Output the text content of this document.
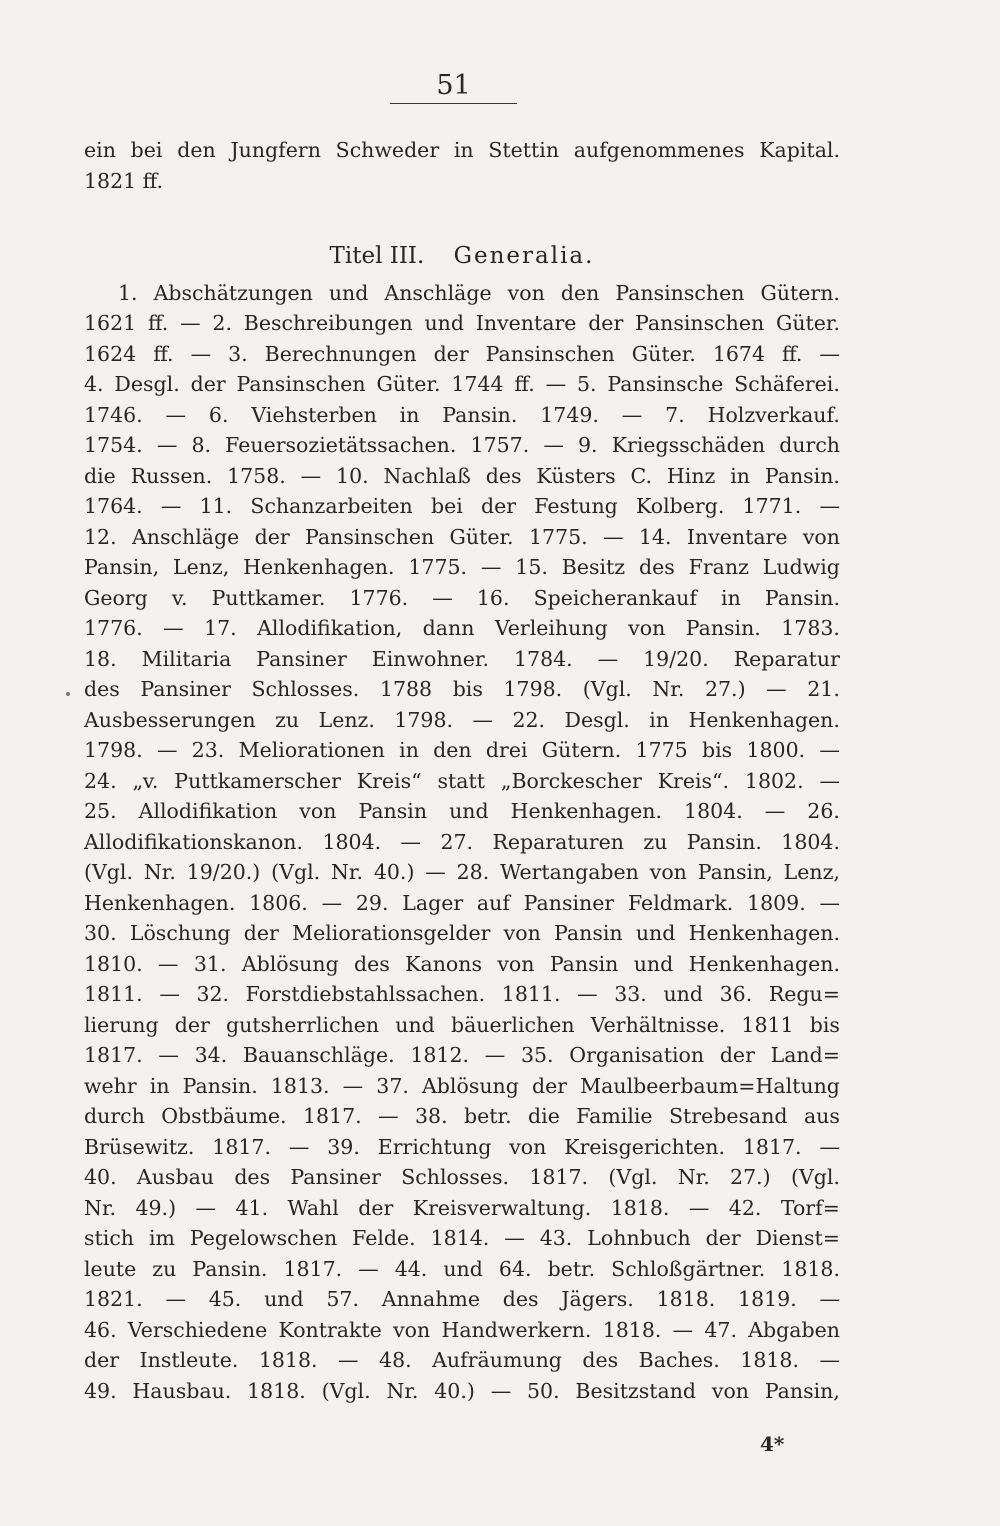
51
ein bei den Jungfern Schweder in Stettin aufgenommenes Kapital.
1821 ff.
Titel III. Generalia.
1. Abschätzungen und Anschläge von den Pansinschen Gütern.
1621 ff. — 2. Beschreibungen und Inventare der Pansinschen Güter.
1624 ff. — 3. Berechnungen der Pansinschen Güter. 1674 ff. —
4. Desgl. der Pansinschen Güter. 1744 ff. — 5. Pansinsche Schäferei.
1746. — 6. Viehsterben in Pansin. 1749. — 7. Holzverkauf.
1754. — 8. Feuersozietätssachen. 1757. — 9. Kriegsschäden durch
die Russen. 1758. — 10. Nachlaß des Küsters C. Hinz in Pansin.
1764. — 11. Schanzarbeiten bei der Festung Kolberg. 1771. —
12. Anschläge der Pansinschen Güter. 1775. — 14. Inventare von
Pansin, Lenz, Henkenhagen. 1775. — 15. Besitz des Franz Ludwig
Georg v. Puttkamer. 1776. — 16. Speicherankauf in Pansin.
1776. — 17. Allodifikation, dann Verleihung von Pansin. 1783.
18. Militaria Pansiner Einwohner. 1784. — 19/20. Reparatur
des Pansiner Schlosses. 1788 bis 1798. (Vgl. Nr. 27.) — 21.
Ausbesserungen zu Lenz. 1798. — 22. Desgl. in Henkenhagen.
1798. — 23. Meliorationen in den drei Gütern. 1775 bis 1800. —
24. „v. Puttkamerscher Kreis“ statt „Borckescher Kreis“. 1802. —
25. Allodifikation von Pansin und Henkenhagen. 1804. — 26.
Allodifikationskanon. 1804. — 27. Reparaturen zu Pansin. 1804.
(Vgl. Nr. 19/20.) (Vgl. Nr. 40.) — 28. Wertangaben von Pansin, Lenz,
Henkenhagen. 1806. — 29. Lager auf Pansiner Feldmark. 1809. —
30. Löschung der Meliorationsgelder von Pansin und Henkenhagen.
1810. — 31. Ablösung des Kanons von Pansin und Henkenhagen.
1811. — 32. Forstdiebstahlssachen. 1811. — 33. und 36. Regu=
lierung der gutsherrlichen und bäuerlichen Verhältnisse. 1811 bis
1817. — 34. Bauanschläge. 1812. — 35. Organisation der Land=
wehr in Pansin. 1813. — 37. Ablösung der Maulbeerbaum=Haltung
durch Obstbäume. 1817. — 38. betr. die Familie Strebesand aus
Brüsewitz. 1817. — 39. Errichtung von Kreisgerichten. 1817. —
40. Ausbau des Pansiner Schlosses. 1817. (Vgl. Nr. 27.) (Vgl.
Nr. 49.) — 41. Wahl der Kreisverwaltung. 1818. — 42. Torf=
stich im Pegelowschen Felde. 1814. — 43. Lohnbuch der Dienst=
leute zu Pansin. 1817. — 44. und 64. betr. Schloßgärtner. 1818.
1821. — 45. und 57. Annahme des Jägers. 1818. 1819. —
46. Verschiedene Kontrakte von Handwerkern. 1818. — 47. Abgaben
der Instleute. 1818. — 48. Aufräumung des Baches. 1818. —
49. Hausbau. 1818. (Vgl. Nr. 40.) — 50. Besitzstand von Pansin,
4*
